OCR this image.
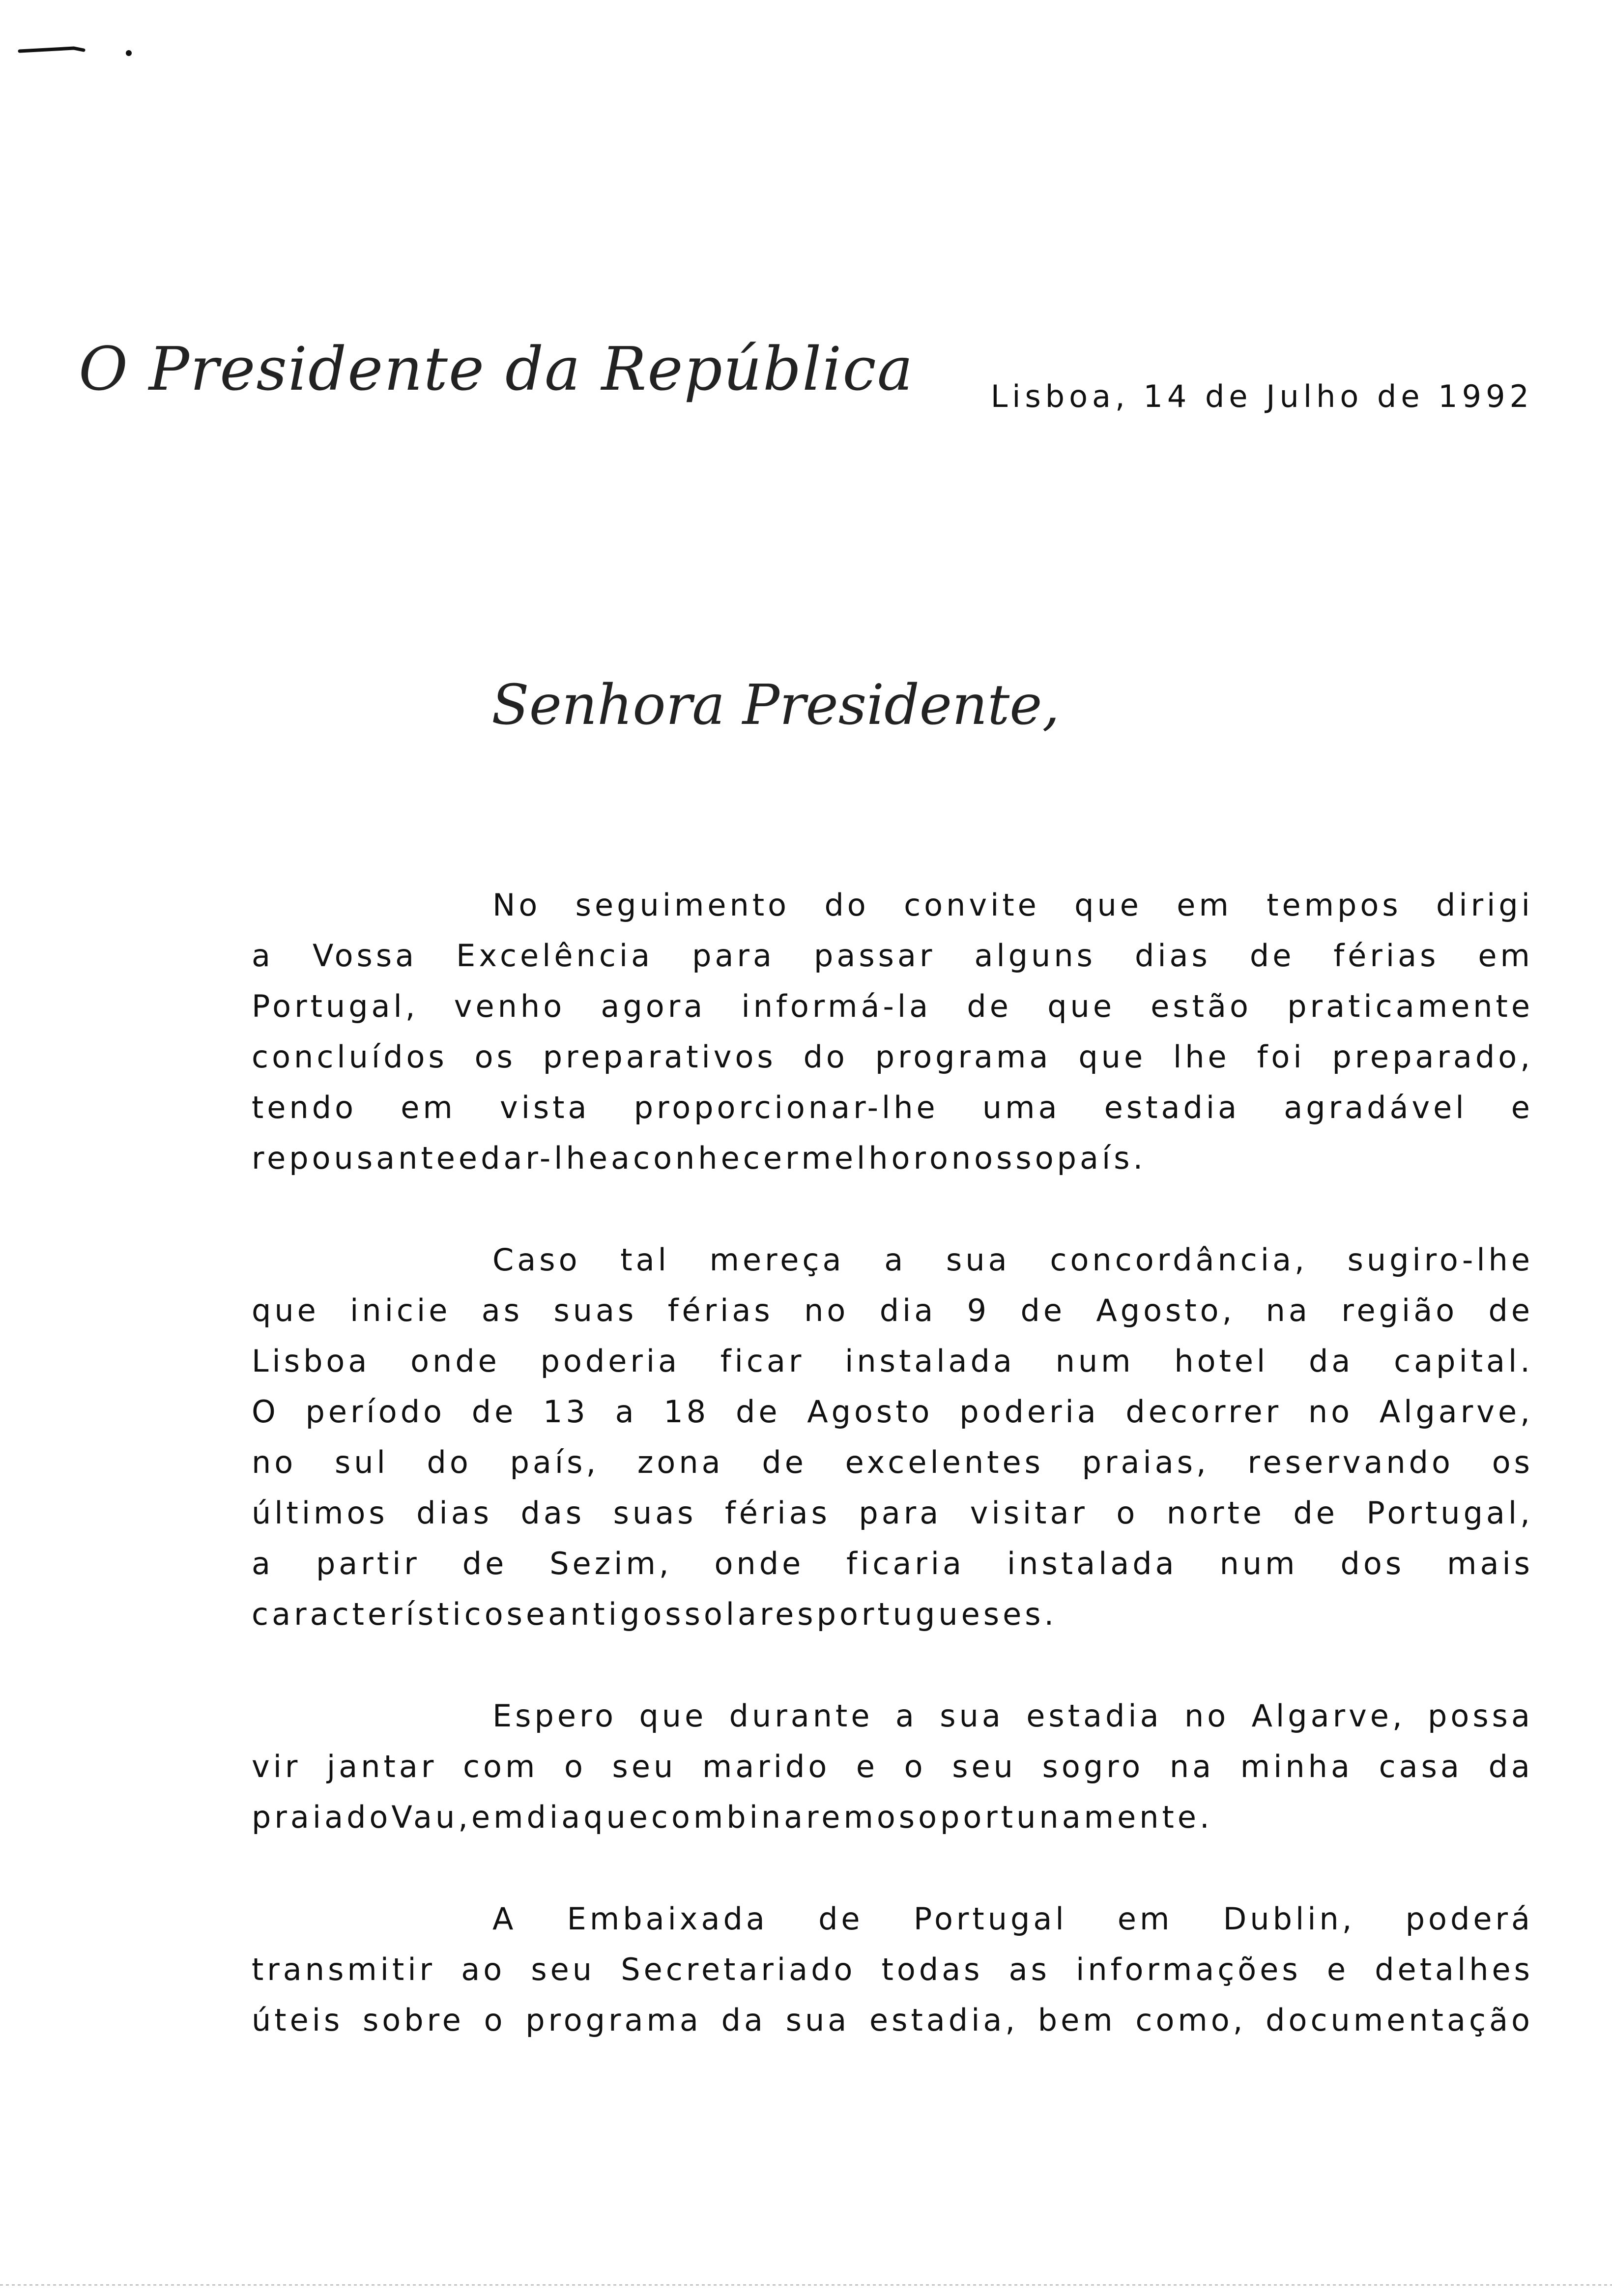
O Presidente da República	Lisboa, 14 de Julho de 1992
Senhora Presidente,
No seguimento do convite que em tempos dirigi
a Vossa Excelência para passar alguns dias de férias em
Portugal, venho agora informá-la de que estão praticamente
concluídos os preparativos do programa que lhe foi preparado,
tendo em vista proporcionar-lhe uma estadia agradável e
repousante e dar-lhe a conhecer melhor o nosso país.
Caso tal mereça a sua concordância, sugiro-lhe
que inicie as suas férias no dia 9 de Agosto, na região de
Lisboa onde poderia ficar instalada num hotel da capital.
O período de 13 a 18 de Agosto poderia decorrer no Algarve,
no sul do país, zona de excelentes praias, reservando os
últimos dias das suas férias para visitar o norte de Portugal,
a partir de Sezim, onde ficaria instalada num dos mais
característicos e antigos solares portugueses.
Espero que durante a sua estadia no Algarve, possa
vir jantar com o seu marido e o seu sogro na minha casa da
praia do Vau, em dia que combinaremos oportunamente.
A Embaixada de Portugal em Dublin, poderá
transmitir ao seu Secretariado todas as informações e detalhes
úteis sobre o programa da sua estadia, bem como, documentação
